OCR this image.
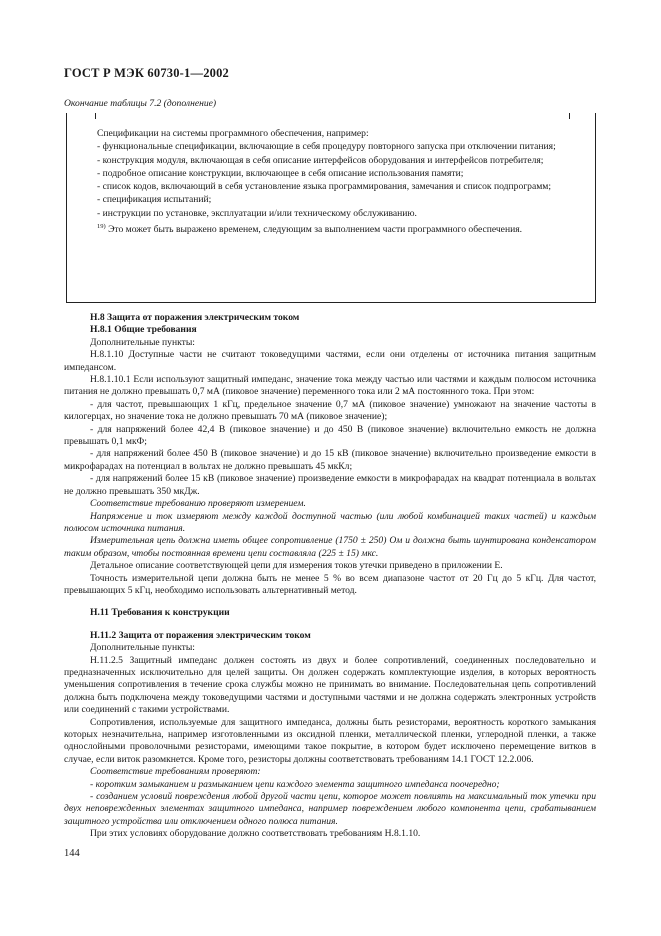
ГОСТ Р МЭК 60730-1—2002
Окончание таблицы 7.2 (дополнение)

Спецификации на системы программного обеспечения, например:

- функциональные спецификации, включающие в себя процедуру повторного запуска при отключении питания;

- конструкция модуля, включающая в себя описание интерфейсов оборудования и интерфейсов потребителя;

- подробное описание конструкции, включающее в себя описание использования памяти;

- список кодов, включающий в себя установление языка программирования, замечания и список подпрограмм;

- спецификация испытаний;

- инструкции по установке, эксплуатации и/или техническому обслуживанию.

$^{19)}$ Это может быть выражено временем, следующим за выполнением части программного обеспечения.

Н.8 Защита от поражения электрическим током

Н.8.1 Общие требования

Дополнительные пункты:

Н.8.1.10 Доступные части не считают токоведущими частями, если они отделены от источника питания защитным импедансом.

Н.8.1.10.1 Если используют защитный импеданс, значение тока между частью или частями и каждым полюсом источника питания не должно превышать 0,7 мА (пиковое значение) переменного тока или 2 мА постоянного тока. При этом:

- для частот, превышающих 1 кГц, предельное значение 0,7 мА (пиковое значение) умножают на значение частоты в килогерцах, но значение тока не должно превышать 70 мА (пиковое значение);

- для напряжений более 42,4 В (пиковое значение) и до 450 В (пиковое значение) включительно емкость не должна превышать 0,1 мкФ;

- для напряжений более 450 В (пиковое значение) и до 15 кВ (пиковое значение) включительно произведение емкости в микрофарадах на потенциал в вольтах не должно превышать 45 мкКл;

- для напряжений более 15 кВ (пиковое значение) произведение емкости в микрофарадах на квадрат потенциала в вольтах не должно превышать 350 мкДж.

Соответствие требованию проверяют измерением.

Напряжение и ток измеряют между каждой доступной частью (или любой комбинацией таких частей) и каждым полюсом источника питания.

Измерительная цепь должна иметь общее сопротивление (1750 ± 250) Ом и должна быть шунтирована конденсатором таким образом, чтобы постоянная времени цепи составляла (225 ± 15) мкс.

Детальное описание соответствующей цепи для измерения токов утечки приведено в приложении Е.

Точность измерительной цепи должна быть не менее 5 % во всем диапазоне частот от 20 Гц до 5 кГц. Для частот, превышающих 5 кГц, необходимо использовать альтернативный метод.

Н.11 Требования к конструкции

Н.11.2 Защита от поражения электрическим током

Дополнительные пункты:

Н.11.2.5 Защитный импеданс должен состоять из двух и более сопротивлений, соединенных последовательно и предназначенных исключительно для целей защиты. Он должен содержать комплектующие изделия, в которых вероятность уменьшения сопротивления в течение срока службы можно не принимать во внимание. Последовательная цепь сопротивлений должна быть подключена между токоведущими частями и доступными частями и не должна содержать электронных устройств или соединений с такими устройствами.

Сопротивления, используемые для защитного импеданса, должны быть резисторами, вероятность короткого замыкания которых незначительна, например изготовленными из оксидной пленки, металлической пленки, углеродной пленки, а также однослойными проволочными резисторами, имеющими такое покрытие, в котором будет исключено перемещение витков в случае, если виток разомкнется. Кроме того, резисторы должны соответствовать требованиям 14.1 ГОСТ 12.2.006.

Соответствие требованиям проверяют:

- коротким замыканием и размыканием цепи каждого элемента защитного импеданса поочередно;

- созданием условий повреждения любой другой части цепи, которое может повлиять на максимальный ток утечки при двух неповрежденных элементах защитного импеданса, например повреждением любого компонента цепи, срабатыванием защитного устройства или отключением одного полюса питания.

При этих условиях оборудование должно соответствовать требованиям Н.8.1.10.

144
